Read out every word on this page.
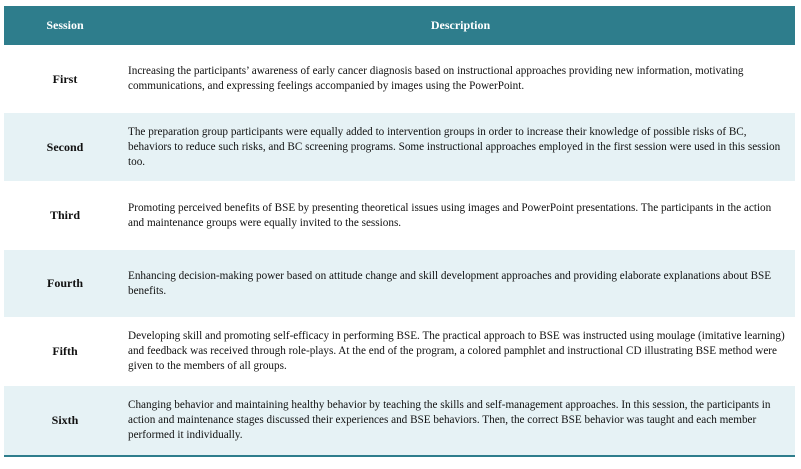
Session	Description
First	Increasing the participants’ awareness of early cancer diagnosis based on instructional approaches providing new information, motivating communications, and expressing feelings accompanied by images using the PowerPoint.
Second	The preparation group participants were equally added to intervention groups in order to increase their knowledge of possible risks of BC, behaviors to reduce such risks, and BC screening programs. Some instructional approaches employed in the first session were used in this session too.
Third	Promoting perceived benefits of BSE by presenting theoretical issues using images and PowerPoint presentations. The participants in the action and maintenance groups were equally invited to the sessions.
Fourth	Enhancing decision-making power based on attitude change and skill development approaches and providing elaborate explanations about BSE benefits.
Fifth	Developing skill and promoting self-efficacy in performing BSE. The practical approach to BSE was instructed using moulage (imitative learning) and feedback was received through role-plays. At the end of the program, a colored pamphlet and instructional CD illustrating BSE method were given to the members of all groups.
Sixth	Changing behavior and maintaining healthy behavior by teaching the skills and self-management approaches. In this session, the participants in action and maintenance stages discussed their experiences and BSE behaviors. Then, the correct BSE behavior was taught and each member performed it individually.
